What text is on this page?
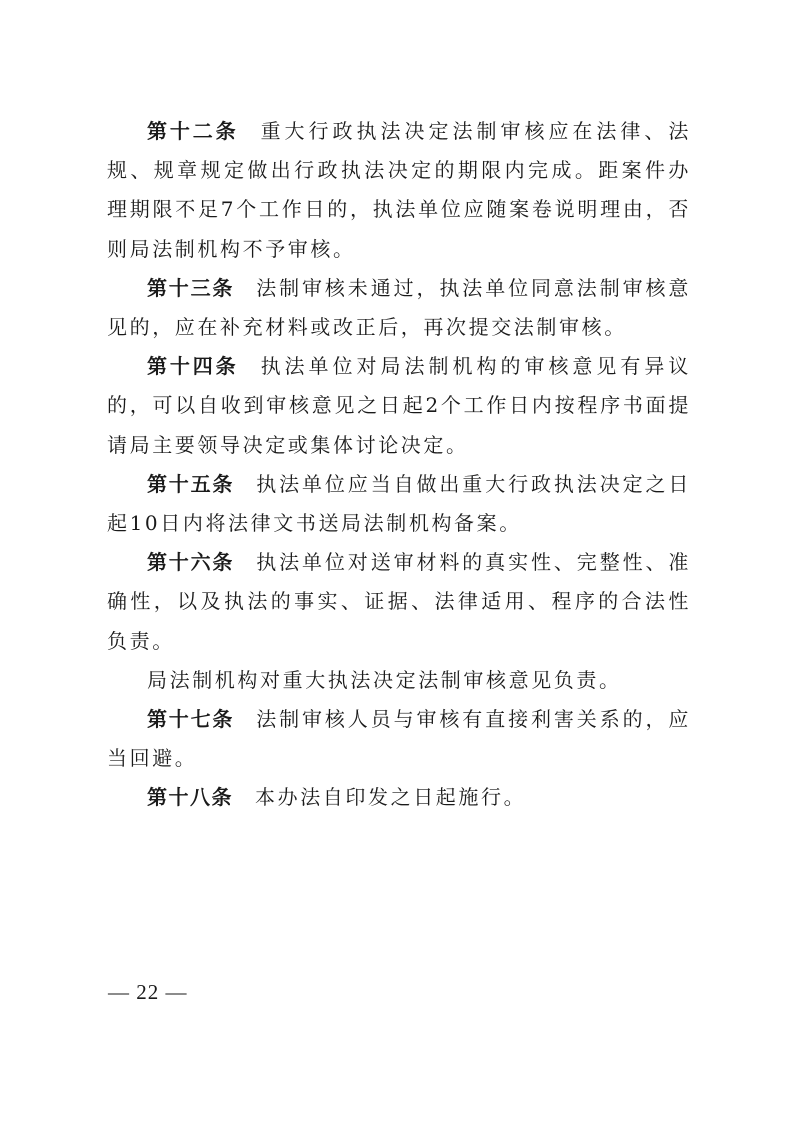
第十二条 重大行政执法决定法制审核应在法律、法规、规章规定做出行政执法决定的期限内完成。距案件办理期限不足7个工作日的，执法单位应随案卷说明理由，否则局法制机构不予审核。

第十三条 法制审核未通过，执法单位同意法制审核意见的，应在补充材料或改正后，再次提交法制审核。

第十四条 执法单位对局法制机构的审核意见有异议的，可以自收到审核意见之日起2个工作日内按程序书面提请局主要领导决定或集体讨论决定。

第十五条 执法单位应当自做出重大行政执法决定之日起10日内将法律文书送局法制机构备案。

第十六条 执法单位对送审材料的真实性、完整性、准确性，以及执法的事实、证据、法律适用、程序的合法性负责。

局法制机构对重大执法决定法制审核意见负责。

第十七条 法制审核人员与审核有直接利害关系的，应当回避。

第十八条 本办法自印发之日起施行。

— 22 —
